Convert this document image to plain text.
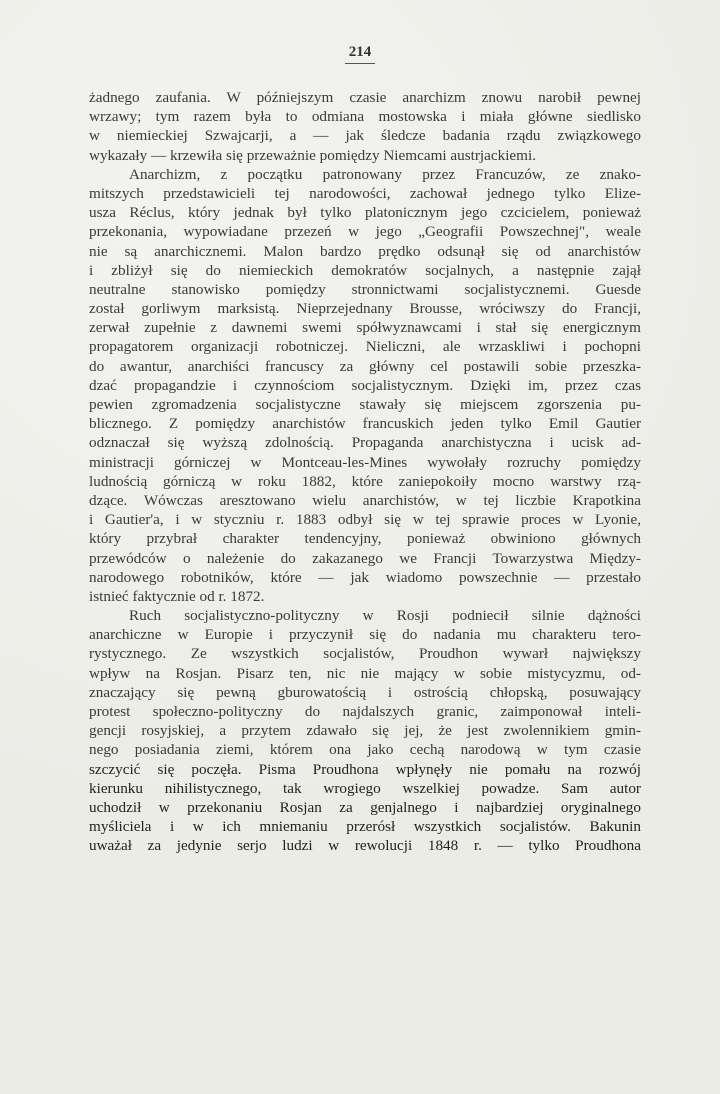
214
żadnego zaufania. W późniejszym czasie anarchizm znowu narobił pewnej
wrzawy; tym razem była to odmiana mostowska i miała główne siedlisko
w niemieckiej Szwajcarji, a — jak śledcze badania rządu związkowego
wykazały — krzewiła się przeważnie pomiędzy Niemcami austrjackiemi.
Anarchizm, z początku patronowany przez Francuzów, ze znako-
mitszych przedstawicieli tej narodowości, zachował jednego tylko Elize-
usza Réclus, który jednak był tylko platonicznym jego czcicielem, ponieważ
przekonania, wypowiadane przezeń w jego „Geografii Powszechnej", weale
nie są anarchicznemi. Malon bardzo prędko odsunął się od anarchistów
i zbliżył się do niemieckich demokratów socjalnych, a następnie zajął
neutralne stanowisko pomiędzy stronnictwami socjalistycznemi. Guesde
został gorliwym marksistą. Nieprzejednany Brousse, wróciwszy do Francji,
zerwał zupełnie z dawnemi swemi spółwyznawcami i stał się energicznym
propagatorem organizacji robotniczej. Nieliczni, ale wrzaskliwi i pochopni
do awantur, anarchiści francuscy za główny cel postawili sobie przeszka-
dzać propagandzie i czynnościom socjalistycznym. Dzięki im, przez czas
pewien zgromadzenia socjalistyczne stawały się miejscem zgorszenia pu-
blicznego. Z pomiędzy anarchistów francuskich jeden tylko Emil Gautier
odznaczał się wyższą zdolnością. Propaganda anarchistyczna i ucisk ad-
ministracji górniczej w Montceau-les-Mines wywołały rozruchy pomiędzy
ludnością górniczą w roku 1882, które zaniepokoiły mocno warstwy rzą-
dzące. Wówczas aresztowano wielu anarchistów, w tej liczbie Krapotkina
i Gautier'a, i w styczniu r. 1883 odbył się w tej sprawie proces w Lyonie,
który przybrał charakter tendencyjny, ponieważ obwiniono głównych
przewódców o należenie do zakazanego we Francji Towarzystwa Między-
narodowego robotników, które — jak wiadomo powszechnie — przestało
istnieć faktycznie od r. 1872.
Ruch socjalistyczno-polityczny w Rosji podniecił silnie dążności
anarchiczne w Europie i przyczynił się do nadania mu charakteru tero-
rystycznego. Ze wszystkich socjalistów, Proudhon wywarł największy
wpływ na Rosjan. Pisarz ten, nic nie mający w sobie mistycyzmu, od-
znaczający się pewną gburowatością i ostrością chłopską, posuwający
protest społeczno-polityczny do najdalszych granic, zaimponował inteli-
gencji rosyjskiej, a przytem zdawało się jej, że jest zwolennikiem gmin-
nego posiadania ziemi, którem ona jako cechą narodową w tym czasie
szczycić się poczęła. Pisma Proudhona wpłynęły nie pomału na rozwój
kierunku nihilistycznego, tak wrogiego wszelkiej powadze. Sam autor
uchodził w przekonaniu Rosjan za genjalnego i najbardziej oryginalnego
myśliciela i w ich mniemaniu przerósł wszystkich socjalistów. Bakunin
uważał za jedynie serjo ludzi w rewolucji 1848 r. — tylko Proudhona
